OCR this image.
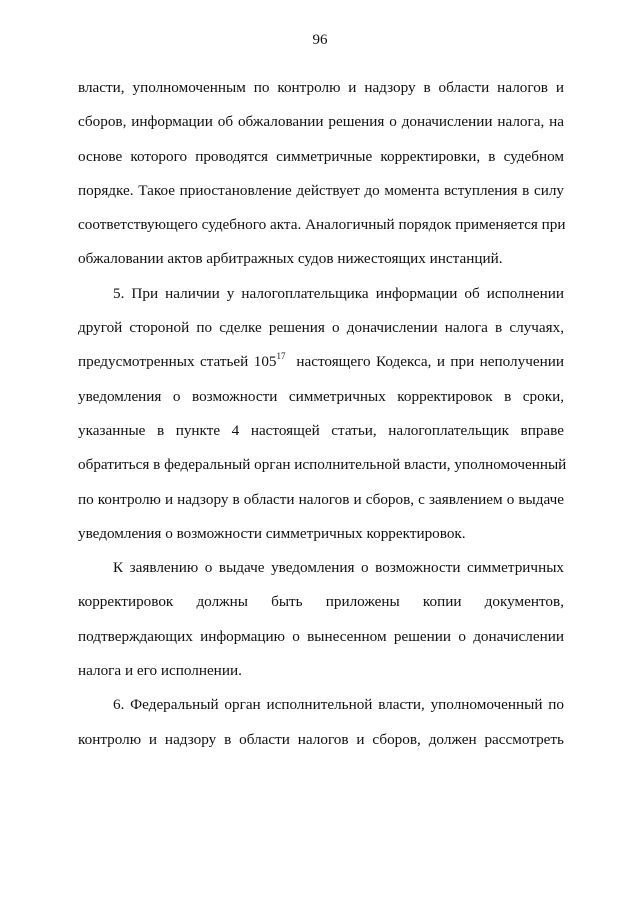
96
власти, уполномоченным по контролю и надзору в области налогов и
сборов, информации об обжаловании решения о доначислении налога, на
основе которого проводятся симметричные корректировки, в судебном
порядке. Такое приостановление действует до момента вступления в силу
соответствующего судебного акта. Аналогичный порядок применяется при
обжаловании актов арбитражных судов нижестоящих инстанций.
5. При наличии у налогоплательщика информации об исполнении
другой стороной по сделке решения о доначислении налога в случаях,
предусмотренных статьей $105^{17}$ настоящего Кодекса, и при неполучении
уведомления о возможности симметричных корректировок в сроки,
указанные в пункте 4 настоящей статьи, налогоплательщик вправе
обратиться в федеральный орган исполнительной власти, уполномоченный
по контролю и надзору в области налогов и сборов, с заявлением о выдаче
уведомления о возможности симметричных корректировок.
К заявлению о выдаче уведомления о возможности симметричных
корректировок должны быть приложены копии документов,
подтверждающих информацию о вынесенном решении о доначислении
налога и его исполнении.
6. Федеральный орган исполнительной власти, уполномоченный по
контролю и надзору в области налогов и сборов, должен рассмотреть
